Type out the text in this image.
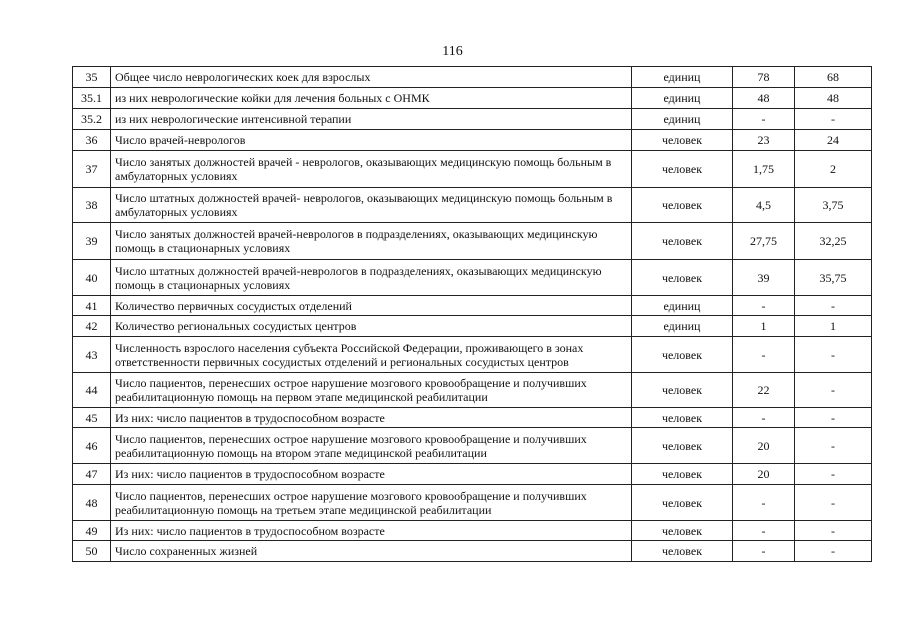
116
35	Общее число неврологических коек для взрослых	единиц	78	68
35.1	из них неврологические койки для лечения больных с ОНМК	единиц	48	48
35.2	из них неврологические интенсивной терапии	единиц	-	-
36	Число врачей-неврологов	человек	23	24
37	Число занятых должностей врачей - неврологов, оказывающих медицинскую помощь больным в амбулаторных условиях	человек	1,75	2
38	Число штатных должностей врачей- неврологов, оказывающих медицинскую помощь больным в амбулаторных условиях	человек	4,5	3,75
39	Число занятых должностей врачей-неврологов в подразделениях, оказывающих медицинскую помощь в стационарных условиях	человек	27,75	32,25
40	Число штатных должностей врачей-неврологов в подразделениях, оказывающих медицинскую помощь в стационарных условиях	человек	39	35,75
41	Количество первичных сосудистых отделений	единиц	-	-
42	Количество региональных сосудистых центров	единиц	1	1
43	Численность взрослого населения субъекта Российской Федерации, проживающего в зонах ответственности первичных сосудистых отделений и региональных сосудистых центров	человек	-	-
44	Число пациентов, перенесших острое нарушение мозгового кровообращение и получивших реабилитационную помощь на первом этапе медицинской реабилитации	человек	22	-
45	Из них: число пациентов в трудоспособном возрасте	человек	-	-
46	Число пациентов, перенесших острое нарушение мозгового кровообращение и получивших реабилитационную помощь на втором этапе медицинской реабилитации	человек	20	-
47	Из них: число пациентов в трудоспособном возрасте	человек	20	-
48	Число пациентов, перенесших острое нарушение мозгового кровообращение и получивших реабилитационную помощь на третьем этапе медицинской реабилитации	человек	-	-
49	Из них: число пациентов в трудоспособном возрасте	человек	-	-
50	Число сохраненных жизней	человек	-	-
